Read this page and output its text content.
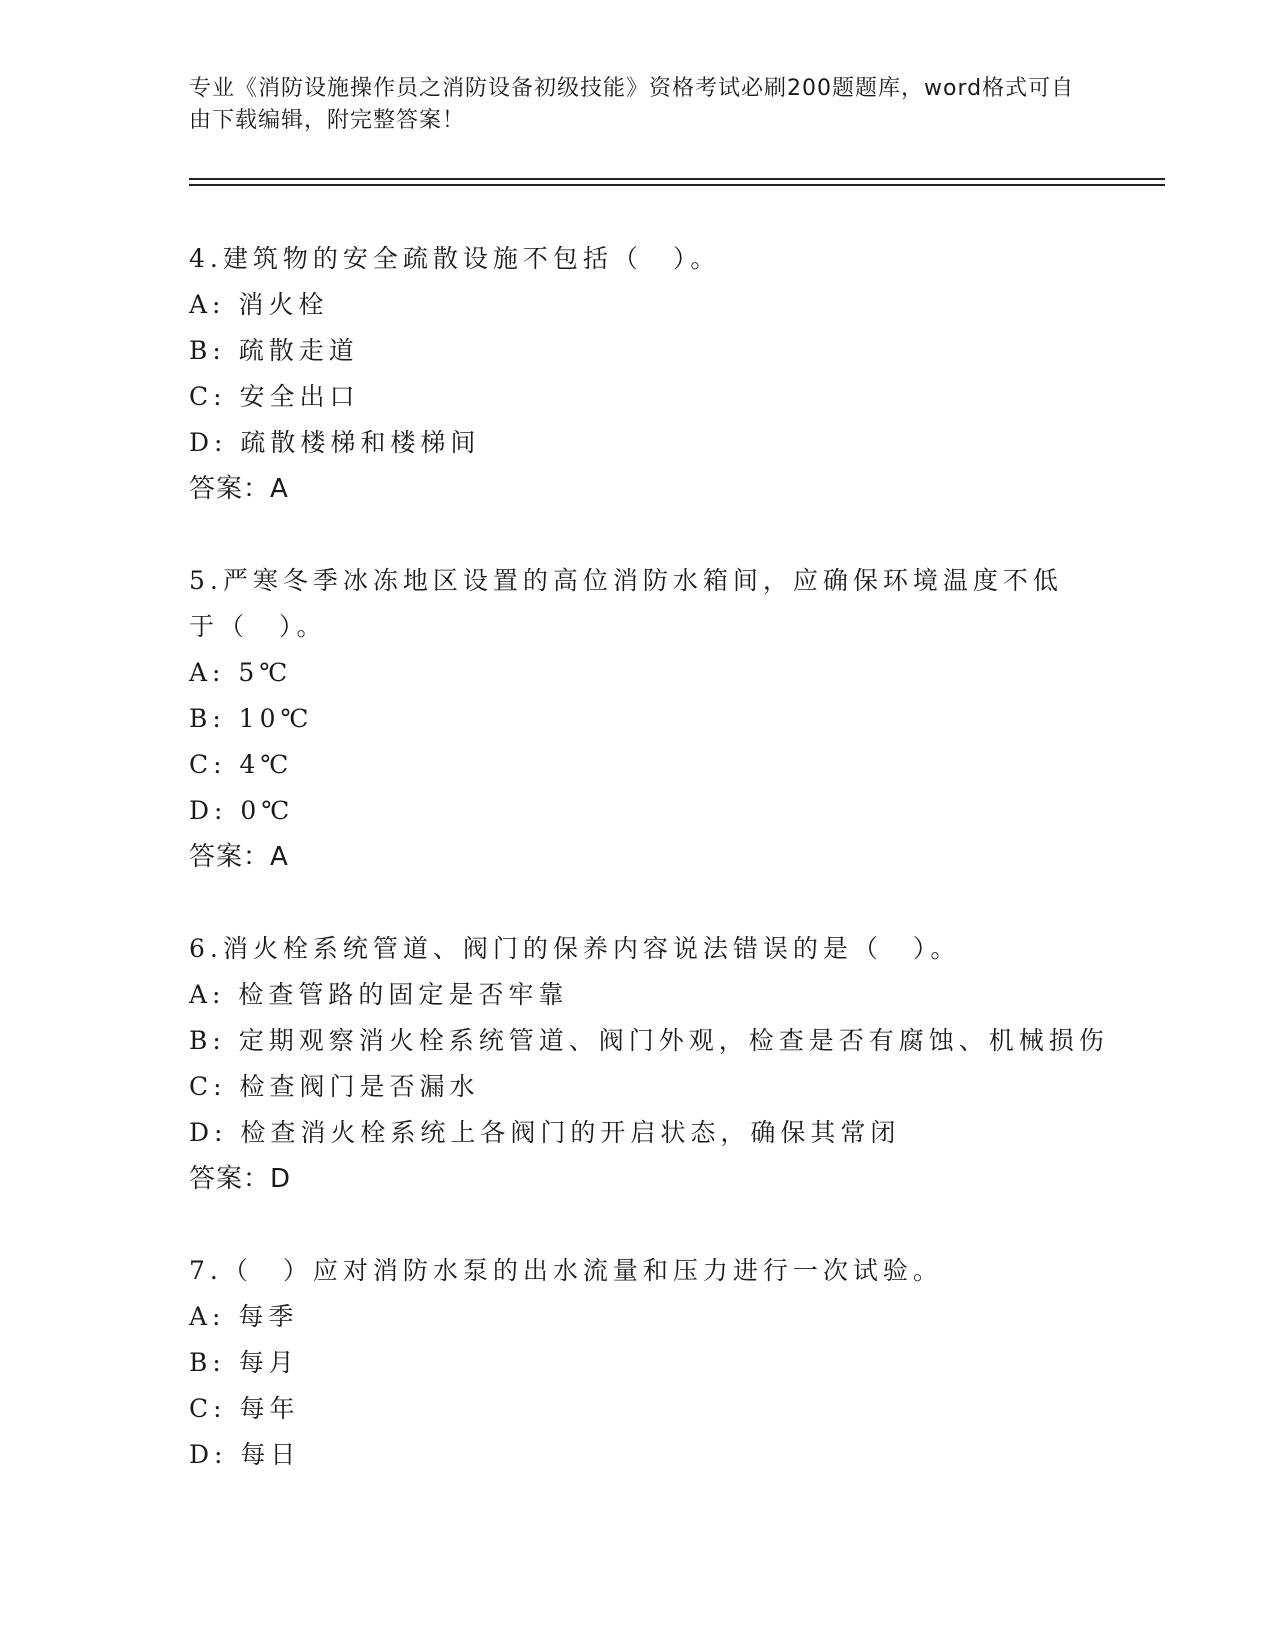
专业《消防设施操作员之消防设备初级技能》资格考试必刷200题题库，word格式可自由下载编辑，附完整答案！
4.建筑物的安全疏散设施不包括（　）。
A: 消火栓
B: 疏散走道
C: 安全出口
D: 疏散楼梯和楼梯间
答案：A
5.严寒冬季冰冻地区设置的高位消防水箱间，应确保环境温度不低于（　）。
A: 5℃
B: 10℃
C: 4℃
D: 0℃
答案：A
6.消火栓系统管道、阀门的保养内容说法错误的是（　）。
A: 检查管路的固定是否牢靠
B: 定期观察消火栓系统管道、阀门外观，检查是否有腐蚀、机械损伤
C: 检查阀门是否漏水
D: 检查消火栓系统上各阀门的开启状态，确保其常闭
答案：D
7.（　）应对消防水泵的出水流量和压力进行一次试验。
A: 每季
B: 每月
C: 每年
D: 每日
